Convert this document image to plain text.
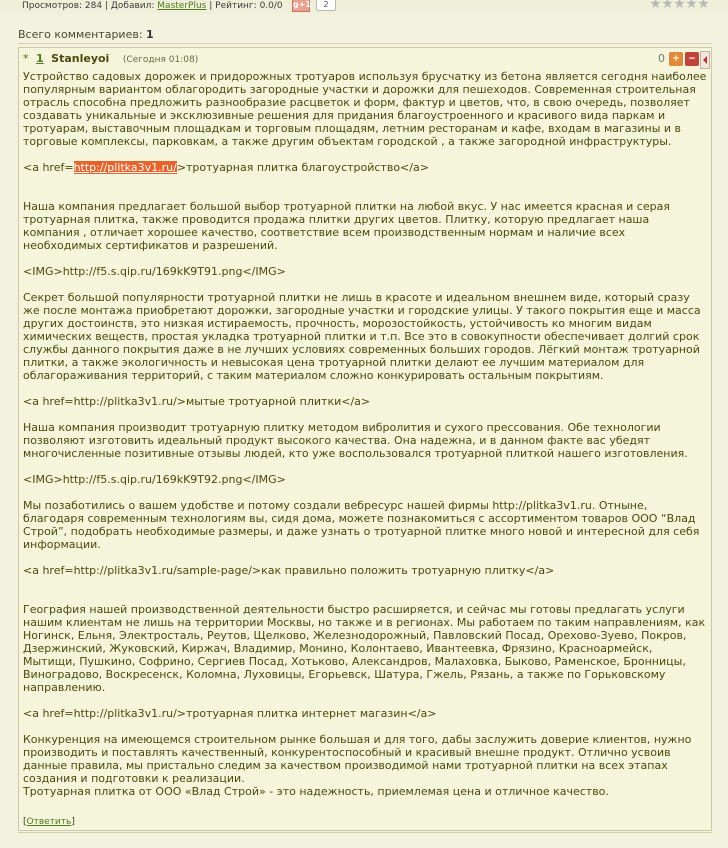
Просмотров: 284 | Добавил: MasterPlus | Рейтинг: 0.0/0 g+1	2
Всего комментариев: 1
* 1 Stanleyoi (Сегодня 01:08)	0 + −
Устройство садовых дорожек и придорожных тротуаров используя брусчатку из бетона является сегодня наиболее популярным вариантом облагородить загородные участки и дорожки для пешеходов. Современная строительная отрасль способна предложить разнообразие расцветок и форм, фактур и цветов, что, в свою очередь, позволяет создавать уникальные и эксклюзивные решения для придания благоустроенного и красивого вида паркам и тротуарам, выставочным площадкам и торговым площадям, летним ресторанам и кафе, входам в магазины и в торговые комплексы, парковкам, а также другим объектам городской , а также загородной инфраструктуры.
<a href=http://plitka3v1.ru/>тротуарная плитка благоустройство</a>
Наша компания предлагает большой выбор тротуарной плитки на любой вкус. У нас имеется красная и серая тротуарная плитка, также проводится продажа плитки других цветов. Плитку, которую предлагает наша компания , отличает хорошее качество, соответствие всем производственным нормам и наличие всех необходимых сертификатов и разрешений.
<IMG>http://f5.s.qip.ru/169kK9T91.png</IMG>
Секрет большой популярности тротуарной плитки не лишь в красоте и идеальном внешнем виде, который сразу же после монтажа приобретают дорожки, загородные участки и городские улицы. У такого покрытия еще и масса других достоинств, это низкая истираемость, прочность, морозостойкость, устойчивость ко многим видам химических веществ, простая укладка тротуарной плитки и т.п. Все это в совокупности обеспечивает долгий срок службы данного покрытия даже в не лучших условиях современных больших городов. Лёгкий монтаж тротуарной плитки, а также экологичность и невысокая цена тротуарной плитки делают ее лучшим материалом для облагораживания территорий, с таким материалом сложно конкурировать остальным покрытиям.
<a href=http://plitka3v1.ru/>мытые тротуарной плитки</a>
Наша компания производит тротуарную плитку методом вибролития и сухого прессования. Обе технологии позволяют изготовить идеальный продукт высокого качества. Она надежна, и в данном факте вас убедят многочисленные позитивные отзывы людей, кто уже воспользовался тротуарной плиткой нашего изготовления.
<IMG>http://f5.s.qip.ru/169kK9T92.png</IMG>
Мы позаботились о вашем удобстве и потому создали вебресурс нашей фирмы http://plitka3v1.ru. Отныне, благодаря современным технологиям вы, сидя дома, можете познакомиться с ассортиментом товаров ООО “Влад Строй”, подобрать необходимые размеры, и даже узнать о тротуарной плитке много новой и интересной для себя информации.
<a href=http://plitka3v1.ru/sample-page/>как правильно положить тротуарную плитку</a>
География нашей производственной деятельности быстро расширяется, и сейчас мы готовы предлагать услуги нашим клиентам не лишь на территории Москвы, но также и в регионах. Мы работаем по таким направлениям, как Ногинск, Ельня, Электросталь, Реутов, Щелково, Железнодорожный, Павловский Посад, Орехово-Зуево, Покров, Дзержинский, Жуковский, Киржач, Владимир, Монино, Колонтаево, Ивантеевка, Фрязино, Красноармейск, Мытищи, Пушкино, Софрино, Сергиев Посад, Хотьково, Александров, Малаховка, Быково, Раменское, Бронницы, Виноградово, Воскресенск, Коломна, Луховицы, Егорьевск, Шатура, Гжель, Рязань, а также по Горьковскому направлению.
<a href=http://plitka3v1.ru/>тротуарная плитка интернет магазин</a>
Конкуренция на имеющемся строительном рынке большая и для того, дабы заслужить доверие клиентов, нужно производить и поставлять качественный, конкурентоспособный и красивый внешне продукт. Отлично усвоив данные правила, мы пристально следим за качеством производимой нами тротуарной плитки на всех этапах создания и подготовки к реализации.
Тротуарная плитка от ООО «Влад Строй» - это надежность, приемлемая цена и отличное качество.
[Ответить]
